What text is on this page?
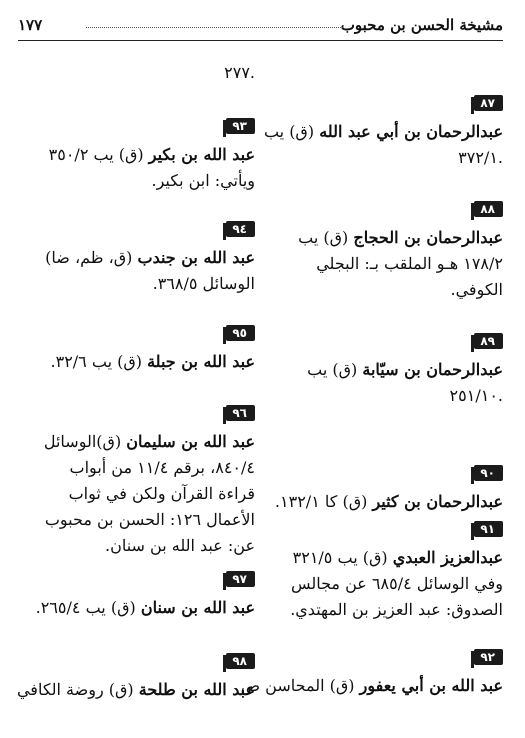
مشيخة الحسن بن محبوب
١٧٧
.٢٧٧
٩٣
عبد الله بن بكير (ق) يب ٣٥٠/٢
ويأتي: ابن بكير.
٩٤
عبد الله بن جندب (ق، ظم، ضا)
الوسائل ٣٦٨/٥.
٩٥
عبد الله بن جبلة (ق) يب ٣٢/٦.
٩٦
عبد الله بن سليمان (ق)الوسائل
٨٤٠/٤، برقم ١١/٤ من أبواب
قراءة القرآن ولكن في ثواب
الأعمال ١٢٦: الحسن بن محبوب
عن: عبد الله بن سنان.
٩٧
عبد الله بن سنان (ق) يب ٢٦٥/٤.
٩٨
عبد الله بن طلحة (ق) روضة الكافي
٨٧
عبدالرحمان بن أبي عبد الله (ق) يب
.٣٧٢/١
٨٨
عبدالرحمان بن الحجاج (ق) يب
١٧٨/٢ هـو الملقب بـ: البجلي
الكوفي.
٨٩
عبدالرحمان بن سيّابة (ق) يب
.٢٥١/١٠
٩٠
عبدالرحمان بن كثير (ق) كا ١٣٢/١.
٩١
عبدالعزيز العبدي (ق) يب ٣٢١/٥
وفي الوسائل ٦٨٥/٤ عن مجالس
الصدوق: عبد العزيز بن المهتدي.
٩٢
عبد الله بن أبي يعفور (ق) المحاسن ص
